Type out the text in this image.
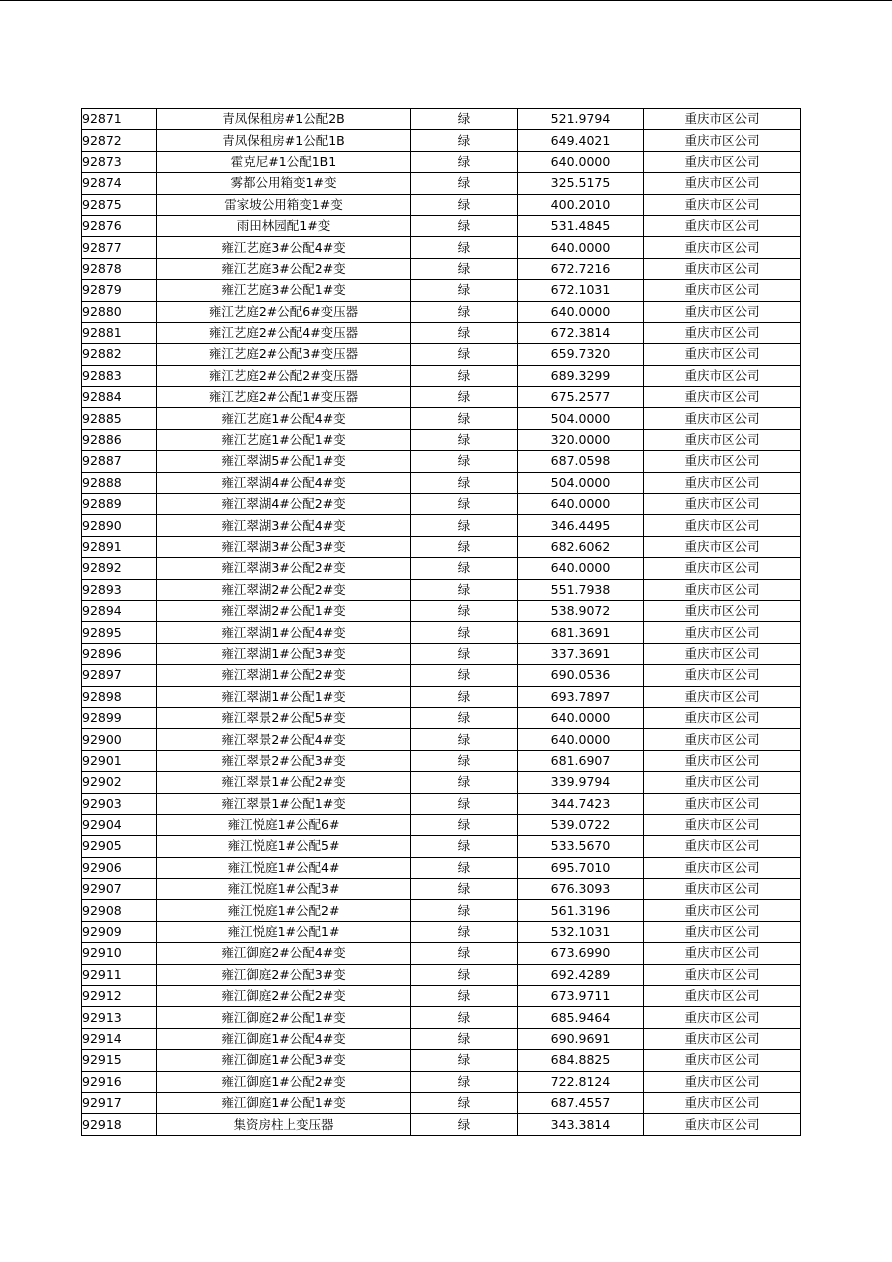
92871	青凤保租房#1公配2B	绿	521.9794	重庆市区公司
92872	青凤保租房#1公配1B	绿	649.4021	重庆市区公司
92873	霍克尼#1公配1B1	绿	640.0000	重庆市区公司
92874	雾都公用箱变1#变	绿	325.5175	重庆市区公司
92875	雷家坡公用箱变1#变	绿	400.2010	重庆市区公司
92876	雨田林园配1#变	绿	531.4845	重庆市区公司
92877	雍江艺庭3#公配4#变	绿	640.0000	重庆市区公司
92878	雍江艺庭3#公配2#变	绿	672.7216	重庆市区公司
92879	雍江艺庭3#公配1#变	绿	672.1031	重庆市区公司
92880	雍江艺庭2#公配6#变压器	绿	640.0000	重庆市区公司
92881	雍江艺庭2#公配4#变压器	绿	672.3814	重庆市区公司
92882	雍江艺庭2#公配3#变压器	绿	659.7320	重庆市区公司
92883	雍江艺庭2#公配2#变压器	绿	689.3299	重庆市区公司
92884	雍江艺庭2#公配1#变压器	绿	675.2577	重庆市区公司
92885	雍江艺庭1#公配4#变	绿	504.0000	重庆市区公司
92886	雍江艺庭1#公配1#变	绿	320.0000	重庆市区公司
92887	雍江翠湖5#公配1#变	绿	687.0598	重庆市区公司
92888	雍江翠湖4#公配4#变	绿	504.0000	重庆市区公司
92889	雍江翠湖4#公配2#变	绿	640.0000	重庆市区公司
92890	雍江翠湖3#公配4#变	绿	346.4495	重庆市区公司
92891	雍江翠湖3#公配3#变	绿	682.6062	重庆市区公司
92892	雍江翠湖3#公配2#变	绿	640.0000	重庆市区公司
92893	雍江翠湖2#公配2#变	绿	551.7938	重庆市区公司
92894	雍江翠湖2#公配1#变	绿	538.9072	重庆市区公司
92895	雍江翠湖1#公配4#变	绿	681.3691	重庆市区公司
92896	雍江翠湖1#公配3#变	绿	337.3691	重庆市区公司
92897	雍江翠湖1#公配2#变	绿	690.0536	重庆市区公司
92898	雍江翠湖1#公配1#变	绿	693.7897	重庆市区公司
92899	雍江翠景2#公配5#变	绿	640.0000	重庆市区公司
92900	雍江翠景2#公配4#变	绿	640.0000	重庆市区公司
92901	雍江翠景2#公配3#变	绿	681.6907	重庆市区公司
92902	雍江翠景1#公配2#变	绿	339.9794	重庆市区公司
92903	雍江翠景1#公配1#变	绿	344.7423	重庆市区公司
92904	雍江悦庭1#公配6#	绿	539.0722	重庆市区公司
92905	雍江悦庭1#公配5#	绿	533.5670	重庆市区公司
92906	雍江悦庭1#公配4#	绿	695.7010	重庆市区公司
92907	雍江悦庭1#公配3#	绿	676.3093	重庆市区公司
92908	雍江悦庭1#公配2#	绿	561.3196	重庆市区公司
92909	雍江悦庭1#公配1#	绿	532.1031	重庆市区公司
92910	雍江御庭2#公配4#变	绿	673.6990	重庆市区公司
92911	雍江御庭2#公配3#变	绿	692.4289	重庆市区公司
92912	雍江御庭2#公配2#变	绿	673.9711	重庆市区公司
92913	雍江御庭2#公配1#变	绿	685.9464	重庆市区公司
92914	雍江御庭1#公配4#变	绿	690.9691	重庆市区公司
92915	雍江御庭1#公配3#变	绿	684.8825	重庆市区公司
92916	雍江御庭1#公配2#变	绿	722.8124	重庆市区公司
92917	雍江御庭1#公配1#变	绿	687.4557	重庆市区公司
92918	集资房柱上变压器	绿	343.3814	重庆市区公司
